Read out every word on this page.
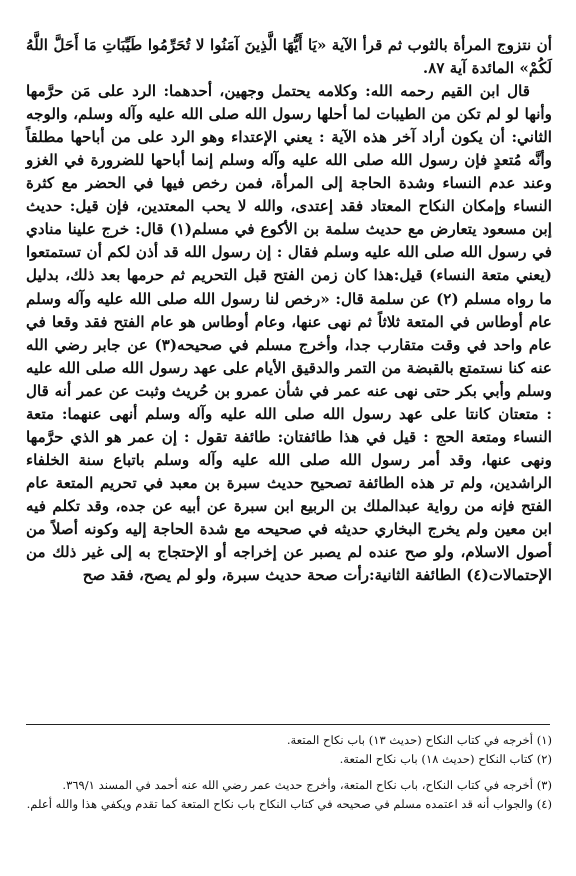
أن نتزوج المرأة بالثوب ثم قرأ الآية «يَا أَيُّهَا الَّذِينَ آمَنُوا لا تُحَرِّمُوا طَيِّبَاتِ مَا أَحَلَّ اللَّهُ لَكُمْ» المائدة آية ٨٧.

قال ابن القيم رحمه الله: وكلامه يحتمل وجهين، أحدهما: الرد على مَن حرَّمها وأنها لو لم تكن من الطيبات لما أحلها رسول الله صلى الله عليه وآله وسلم، والوجه الثاني: أن يكون أراد آخر هذه الآية : يعني الإعتداء وهو الرد على من أباحها مطلقاً وأنَّه مُتعدٍ فإن رسول الله صلى الله عليه وآله وسلم إنما أباحها للضرورة في الغزو وعند عدم النساء وشدة الحاجة إلى المرأة، فمن رخص فيها في الحضر مع كثرة النساء وإمكان النكاح المعتاد فقد إعتدى، والله لا يحب المعتدين، فإن قيل: حديث إبن مسعود يتعارض مع حديث سلمة بن الأكوع في مسلم(١) قال: خرج علينا منادي في رسول الله صلى الله عليه وسلم فقال : إن رسول الله قد أذن لكم أن تستمتعوا (يعني متعة النساء) قيل:هذا كان زمن الفتح قبل التحريم ثم حرمها بعد ذلك، بدليل ما رواه مسلم (٢) عن سلمة قال: «رخص لنا رسول الله صلى الله عليه وآله وسلم عام أوطاس في المتعة ثلاثاً ثم نهى عنها، وعام أوطاس هو عام الفتح فقد وقعا في عام واحد في وقت متقارب جدا، وأخرج مسلم في صحيحه(٣) عن جابر رضي الله عنه كنا نستمتع بالقبضة من التمر والدقيق الأيام على عهد رسول الله صلى الله عليه وسلم وأبي بكر حتى نهى عنه عمر في شأن عمرو بن حُريث وثبت عن عمر أنه قال : متعتان كانتا على عهد رسول الله صلى الله عليه وآله وسلم أنهى عنهما: متعة النساء ومتعة الحج : قيل في هذا طائفتان: طائفة تقول : إن عمر هو الذي حرَّمها ونهى عنها، وقد أمر رسول الله صلى الله عليه وآله وسلم باتباع سنة الخلفاء الراشدين، ولم تر هذه الطائفة تصحيح حديث سبرة بن معبد في تحريم المتعة عام الفتح فإنه من رواية عبدالملك بن الربيع ابن سبرة عن أبيه عن جده، وقد تكلم فيه ابن معين ولم يخرج البخاري حديثه في صحيحه مع شدة الحاجة إليه وكونه أصلاً من أصول الاسلام، ولو صح عنده لم يصبر عن إخراجه أو الإحتجاج به إلى غير ذلك من الإحتمالات(٤) الطائفة الثانية:رأت صحة حديث سبرة، ولو لم يصح، فقد صح

(١) أخرجه في كتاب النكاح (حديث ١٣) باب نكاح المتعة.

(٢) كتاب النكاح (حديث ١٨) باب نكاح المتعة.

(٣) أخرجه في كتاب النكاح، باب نكاح المتعة، وأخرج حديث عمر رضي الله عنه أحمد في المسند ٣٦٩/١.

(٤) والجواب أنه قد اعتمده مسلم في صحيحه في كتاب النكاح باب نكاح المتعة كما تقدم ويكفي هذا والله أعلم.
